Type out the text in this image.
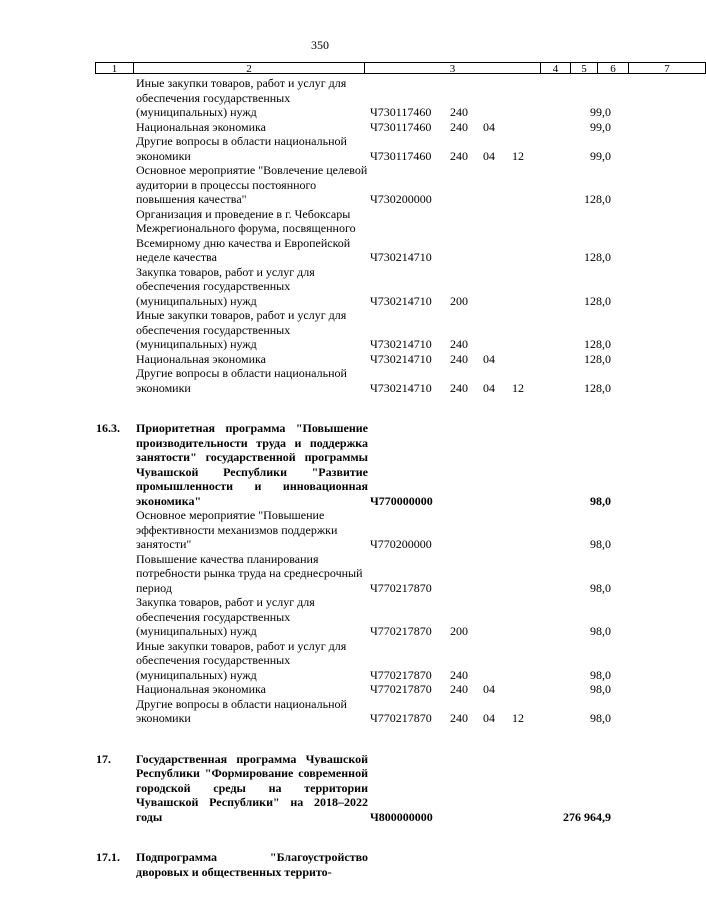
350
1	2	3	4	5	6	7
Иные закупки товаров, работ и услуг для обеспечения государственных (муниципальных) нужд	Ч730117460	240	99,0
Национальная экономика	Ч730117460	240	04	99,0
Другие вопросы в области национальной экономики	Ч730117460	240	04	12	99,0
Основное мероприятие "Вовлечение целевой аудитории в процессы постоянного повышения качества"	Ч730200000	128,0
Организация и проведение в г. Чебоксары Межрегионального форума, посвященного Всемирному дню качества и Европейской неделе качества	Ч730214710	128,0
Закупка товаров, работ и услуг для обеспечения государственных (муниципальных) нужд	Ч730214710	200	128,0
Иные закупки товаров, работ и услуг для обеспечения государственных (муниципальных) нужд	Ч730214710	240	128,0
Национальная экономика	Ч730214710	240	04	128,0
Другие вопросы в области национальной экономики	Ч730214710	240	04	12	128,0
16.3.	Приоритетная программа "Повышение производительности труда и поддержка занятости" государственной программы Чувашской Республики "Развитие промышленности и инновационная экономика"	Ч770000000	98,0
Основное мероприятие "Повышение эффективности механизмов поддержки занятости"	Ч770200000	98,0
Повышение качества планирования потребности рынка труда на среднесрочный период	Ч770217870	98,0
Закупка товаров, работ и услуг для обеспечения государственных (муниципальных) нужд	Ч770217870	200	98,0
Иные закупки товаров, работ и услуг для обеспечения государственных (муниципальных) нужд	Ч770217870	240	98,0
Национальная экономика	Ч770217870	240	04	98,0
Другие вопросы в области национальной экономики	Ч770217870	240	04	12	98,0
17.	Государственная программа Чувашской Республики "Формирование современной городской среды на территории Чувашской Республики" на 2018–2022 годы	Ч800000000	276 964,9
17.1.	Подпрограмма "Благоустройство дворовых и общественных террито-
